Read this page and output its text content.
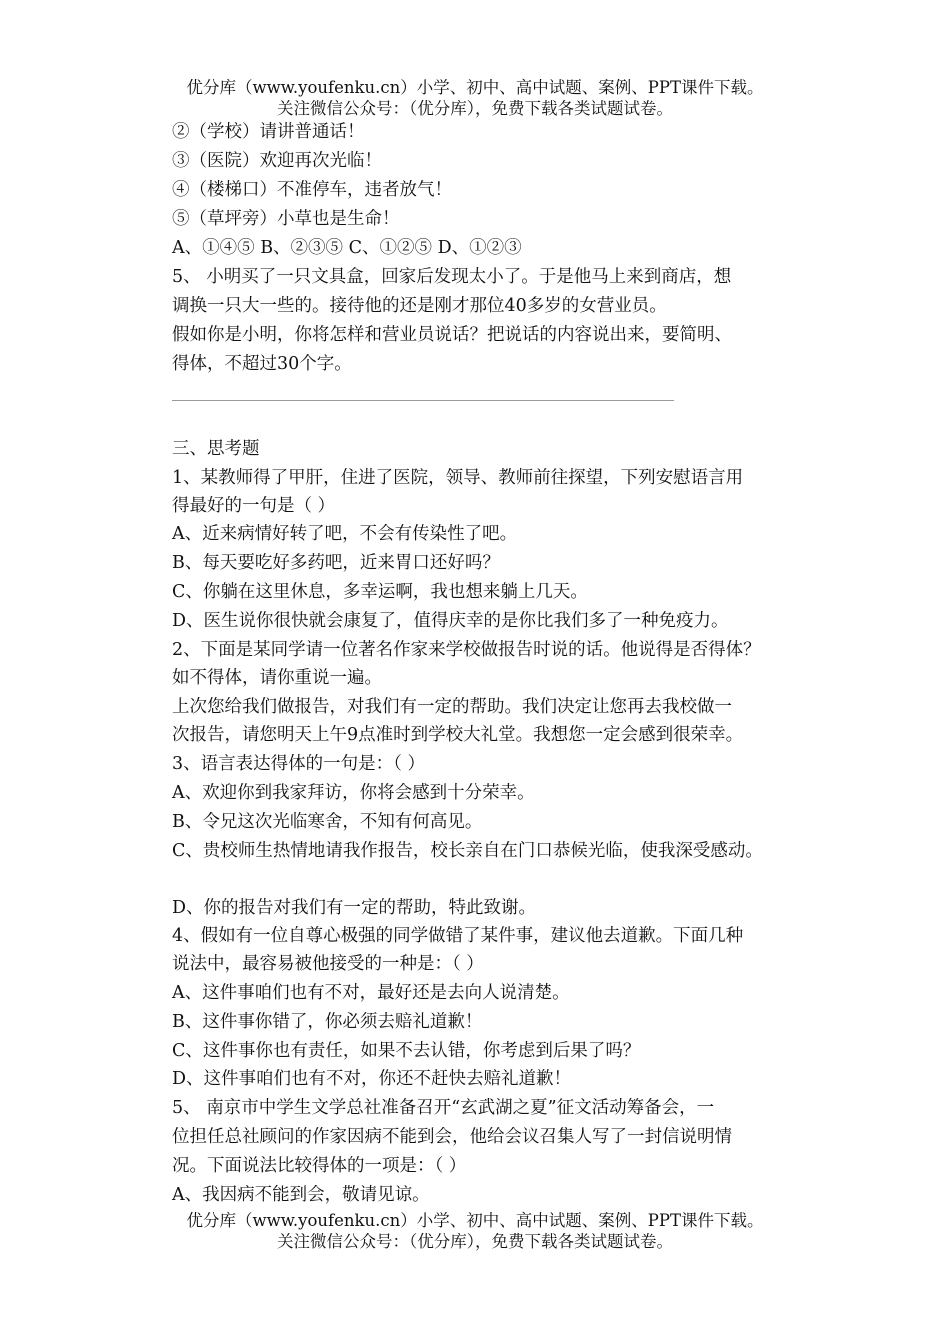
优分库（www.youfenku.cn）小学、初中、高中试题、案例、PPT课件下载。
关注微信公众号：（优分库），免费下载各类试题试卷。
②（学校）请讲普通话！
③（医院）欢迎再次光临！
④（楼梯口）不准停车，违者放气！
⑤（草坪旁）小草也是生命！
A、①④⑤ B、②③⑤ C、①②⑤ D、①②③
5、 小明买了一只文具盒，回家后发现太小了。于是他马上来到商店，想
调换一只大一些的。接待他的还是刚才那位40多岁的女营业员。
假如你是小明，你将怎样和营业员说话？把说话的内容说出来，要简明、
得体，不超过30个字。
三、思考题
1、某教师得了甲肝，住进了医院，领导、教师前往探望，下列安慰语言用
得最好的一句是（ ）
A、近来病情好转了吧，不会有传染性了吧。
B、每天要吃好多药吧，近来胃口还好吗？
C、你躺在这里休息，多幸运啊，我也想来躺上几天。
D、医生说你很快就会康复了，值得庆幸的是你比我们多了一种免疫力。
2、下面是某同学请一位著名作家来学校做报告时说的话。他说得是否得体？
如不得体，请你重说一遍。
上次您给我们做报告，对我们有一定的帮助。我们决定让您再去我校做一
次报告，请您明天上午9点准时到学校大礼堂。我想您一定会感到很荣幸。
3、语言表达得体的一句是：（ ）
A、欢迎你到我家拜访，你将会感到十分荣幸。
B、令兄这次光临寒舍，不知有何高见。
C、贵校师生热情地请我作报告，校长亲自在门口恭候光临，使我深受感动。
D、你的报告对我们有一定的帮助，特此致谢。
4、假如有一位自尊心极强的同学做错了某件事，建议他去道歉。下面几种
说法中，最容易被他接受的一种是：（ ）
A、这件事咱们也有不对，最好还是去向人说清楚。
B、这件事你错了，你必须去赔礼道歉！
C、这件事你也有责任，如果不去认错，你考虑到后果了吗？
D、这件事咱们也有不对，你还不赶快去赔礼道歉！
5、 南京市中学生文学总社准备召开“玄武湖之夏”征文活动筹备会，一
位担任总社顾问的作家因病不能到会，他给会议召集人写了一封信说明情
况。下面说法比较得体的一项是：（ ）
A、我因病不能到会，敬请见谅。
优分库（www.youfenku.cn）小学、初中、高中试题、案例、PPT课件下载。
关注微信公众号：（优分库），免费下载各类试题试卷。
